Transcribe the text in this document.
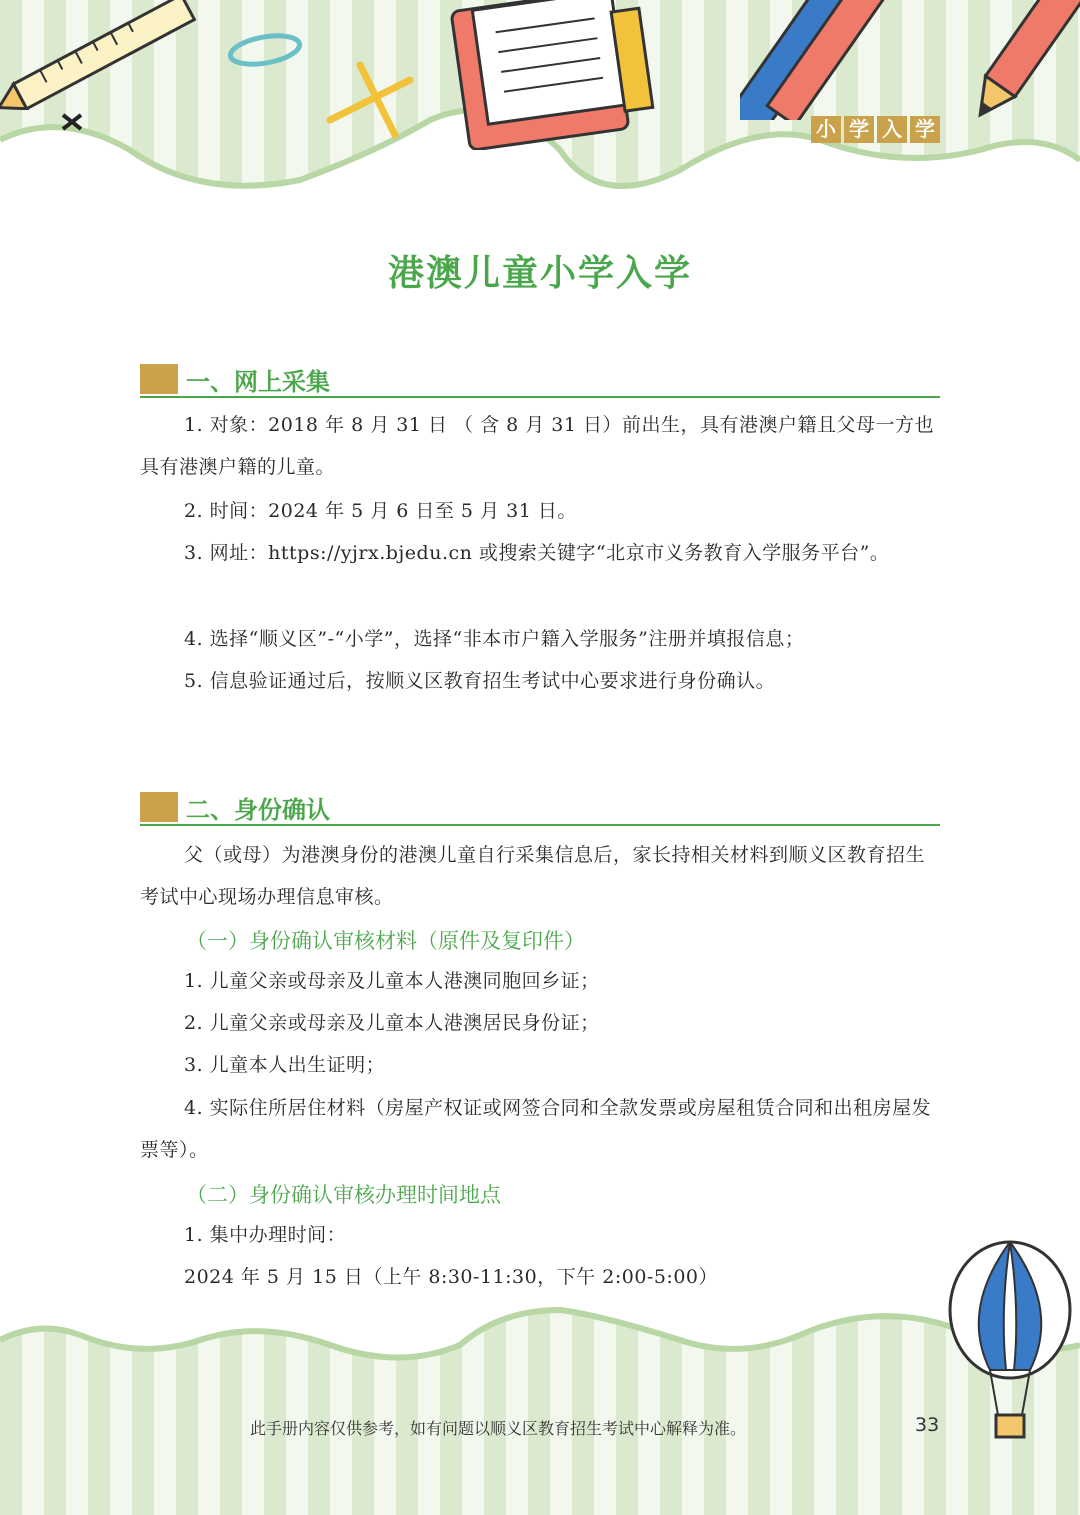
小 学 入 学
港澳儿童小学入学
一、网上采集
1. 对象：2018 年 8 月 31 日 （ 含 8 月 31 日）前出生，具有港澳户籍且父母一方也具有港澳户籍的儿童。
2. 时间：2024 年 5 月 6 日至 5 月 31 日。
3. 网址：https://yjrx.bjedu.cn 或搜索关键字“北京市义务教育入学服务平台”。
4. 选择“顺义区”-“小学”，选择“非本市户籍入学服务”注册并填报信息；
5. 信息验证通过后，按顺义区教育招生考试中心要求进行身份确认。
二、身份确认
父（或母）为港澳身份的港澳儿童自行采集信息后，家长持相关材料到顺义区教育招生考试中心现场办理信息审核。
（一）身份确认审核材料（原件及复印件）
1. 儿童父亲或母亲及儿童本人港澳同胞回乡证；
2. 儿童父亲或母亲及儿童本人港澳居民身份证；
3. 儿童本人出生证明；
4. 实际住所居住材料（房屋产权证或网签合同和全款发票或房屋租赁合同和出租房屋发票等）。
（二）身份确认审核办理时间地点
1. 集中办理时间：
2024 年 5 月 15 日（上午 8:30-11:30，下午 2:00-5:00）
此手册内容仅供参考，如有问题以顺义区教育招生考试中心解释为准。	33
